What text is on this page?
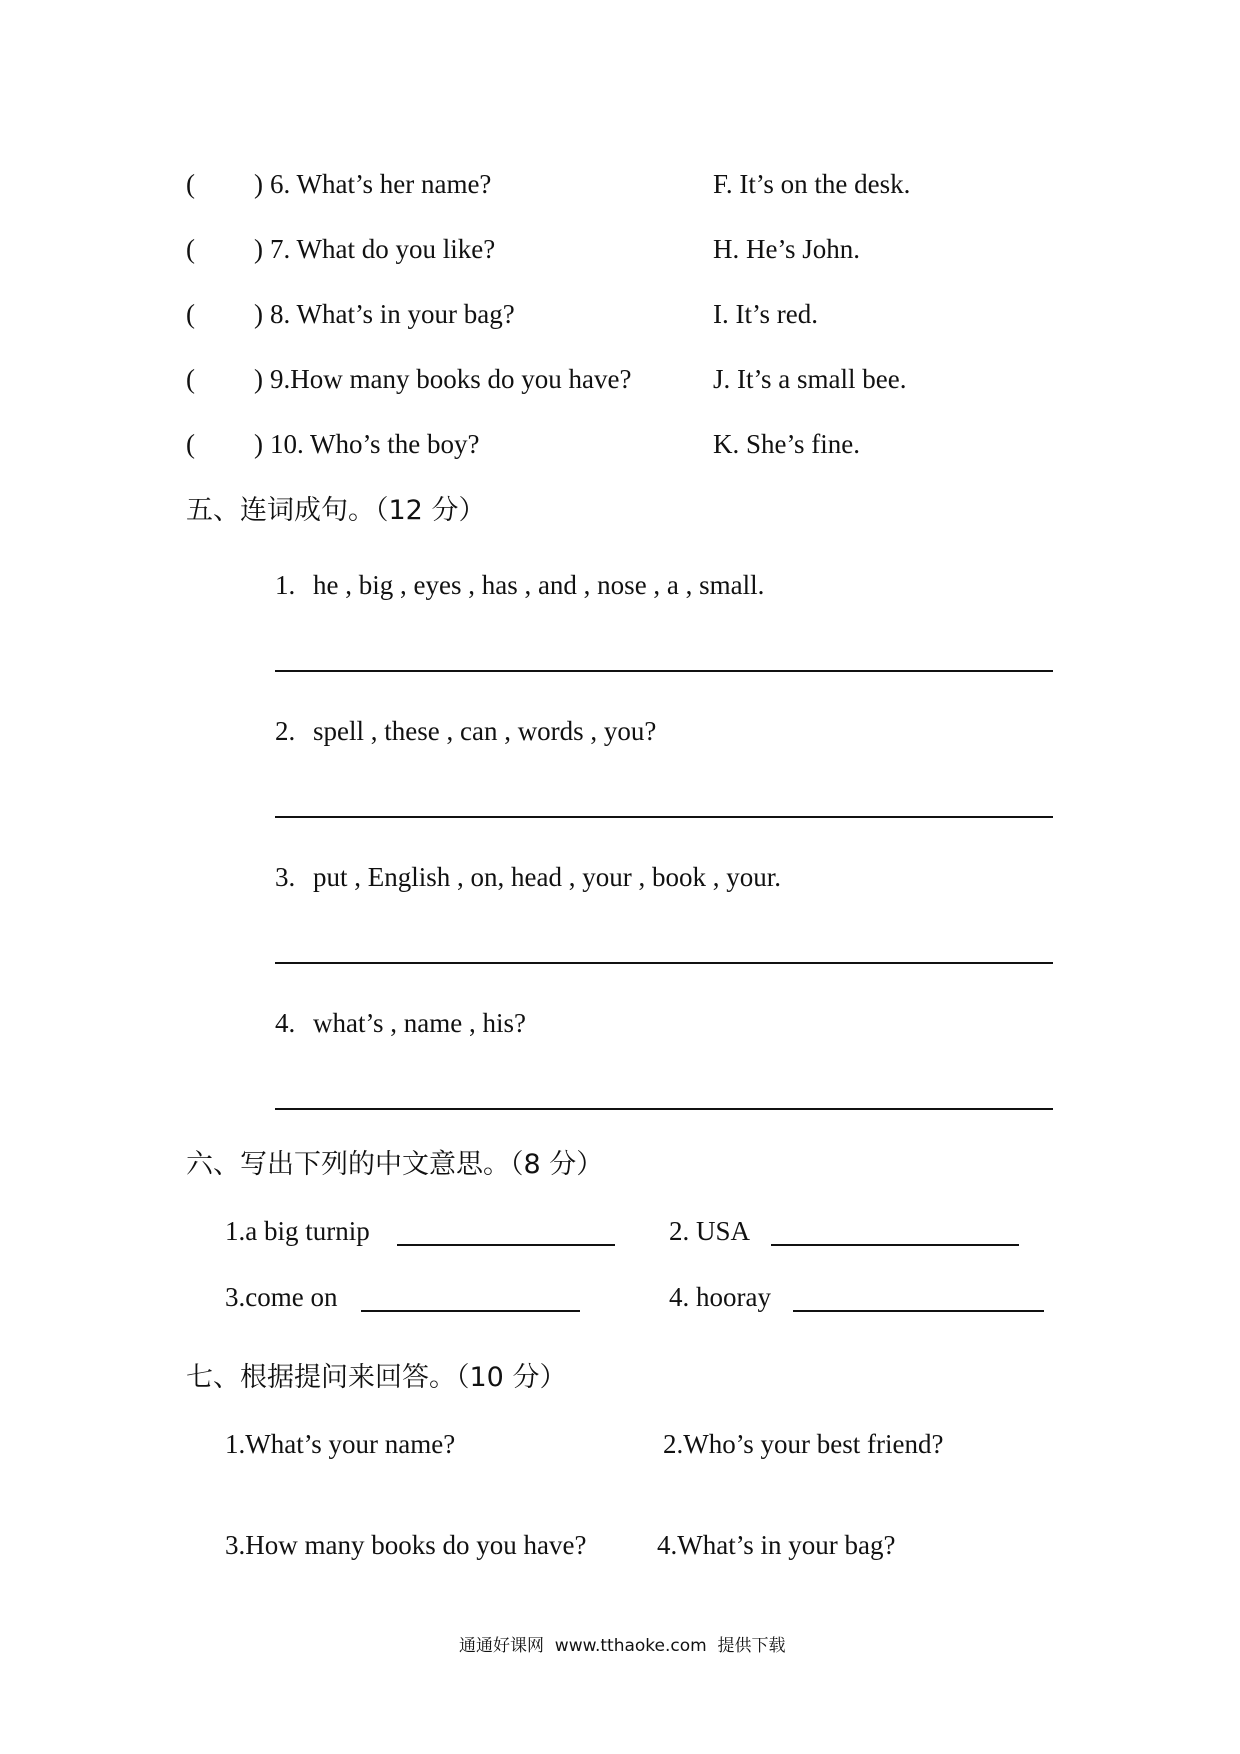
( ) 6. What’s her name?	F. It’s on the desk.
( ) 7. What do you like?	H. He’s John.
( ) 8. What’s in your bag?	I. It’s red.
( ) 9.How many books do you have?	J. It’s a small bee.
( ) 10. Who’s the boy?	K. She’s fine.
五、连词成句。（12 分）
1. he , big , eyes , has , and , nose , a , small.
2. spell , these , can , words , you?
3. put , English , on, head , your , book , your.
4. what’s , name , his?
六、写出下列的中文意思。（8 分）
1.a big turnip	2. USA
3.come on	4. hooray
七、根据提问来回答。（10 分）
1.What’s your name?	2.Who’s your best friend?
3.How many books do you have?	4.What’s in your bag?
通通好课网  www.tthaoke.com  提供下载
